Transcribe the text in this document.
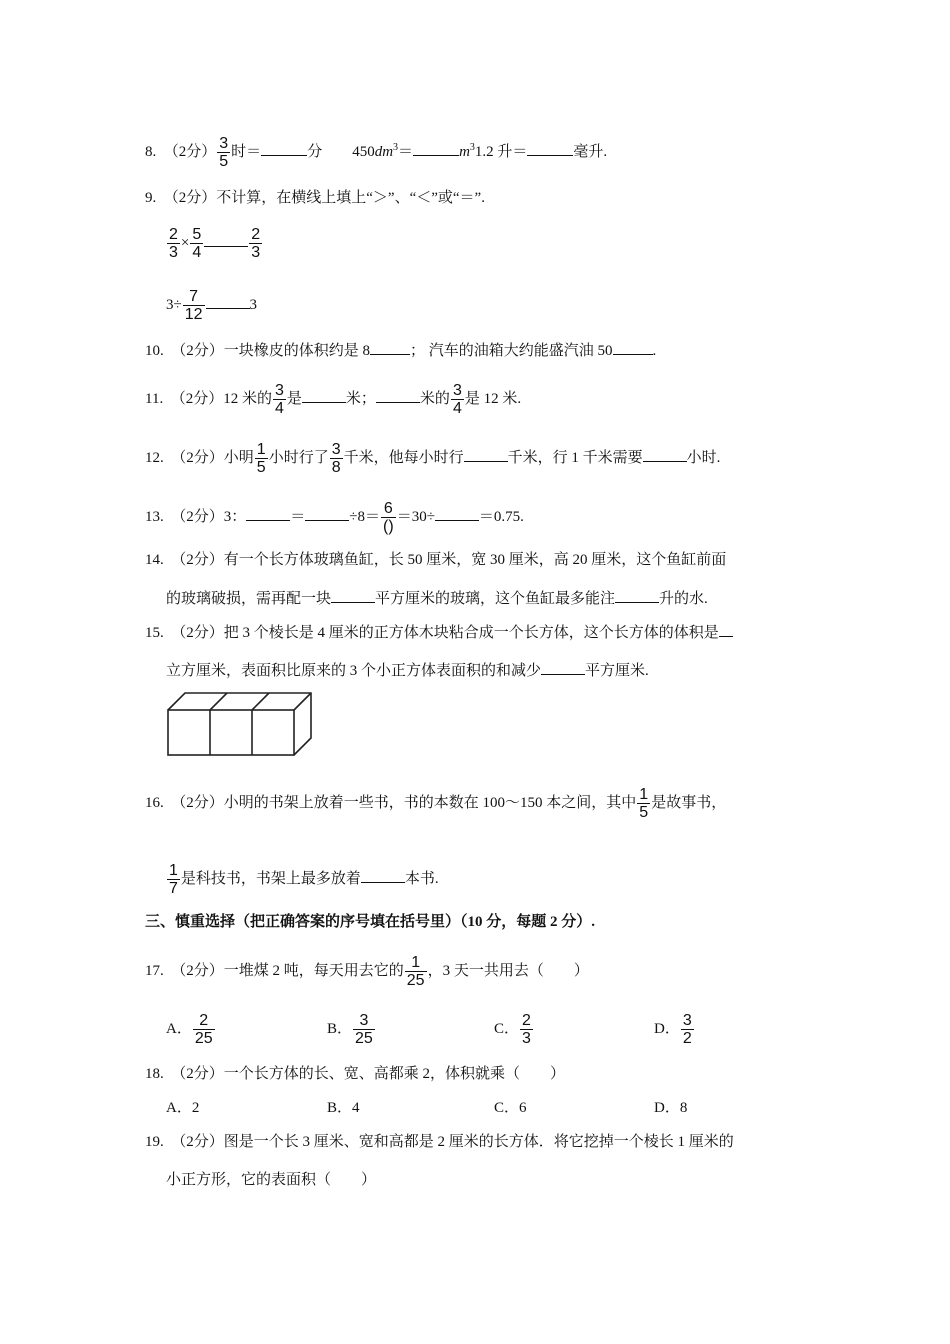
8. （2分） $\frac{3}{5}$ 时＝	分 $450dm^3=$	$m^31.2$ 升＝	毫升.
9. （2分）不计算，在横线上填上“＞”、“＜”或“＝”.
$\frac{2}{3} \times \frac{5}{4}$	$\frac{2}{3}$
$3\div \frac{7}{12}$	3
10. （2分）一块橡皮的体积约是 8	； 汽车的油箱大约能盛汽油 50	.
11. （2分）12 米的 $\frac{3}{4}$ 是	米；	米的 $\frac{3}{4}$ 是 12 米.
12. （2分）小明 $\frac{1}{5}$ 小时行了 $\frac{3}{8}$ 千米，他每小时行	千米，行 1 千米需要	小时.
13. （2分）3：	＝	$\div 8= \frac{6}{()} =30\div$	＝0.75.
14. （2分）有一个长方体玻璃鱼缸，长 50 厘米，宽 30 厘米，高 20 厘米，这个鱼缸前面
的玻璃破损，需再配一块	平方厘米的玻璃，这个鱼缸最多能注	升的水.
15. （2分）把 3 个棱长是 4 厘米的正方体木块粘合成一个长方体，这个长方体的体积是
立方厘米，表面积比原来的 3 个小正方体表面积的和减少	平方厘米.
16. （2分）小明的书架上放着一些书，书的本数在 100～150 本之间，其中 $\frac{1}{5}$ 是故事书，
$\frac{1}{7}$ 是科技书，书架上最多放着	本书.
三、慎重选择（把正确答案的序号填在括号里）（10 分，每题 2 分）.
17. （2分）一堆煤 2 吨，每天用去它的 $\frac{1}{25}$ ，3 天一共用去（　　）
A． $\frac{2}{25}$	B． $\frac{3}{25}$	C． $\frac{2}{3}$	D． $\frac{3}{2}$
18. （2分）一个长方体的长、宽、高都乘 2，体积就乘（　　）
A．2	B．4	C．6	D．8
19. （2分）图是一个长 3 厘米、宽和高都是 2 厘米的长方体．将它挖掉一个棱长 1 厘米的
小正方形，它的表面积（　　）
